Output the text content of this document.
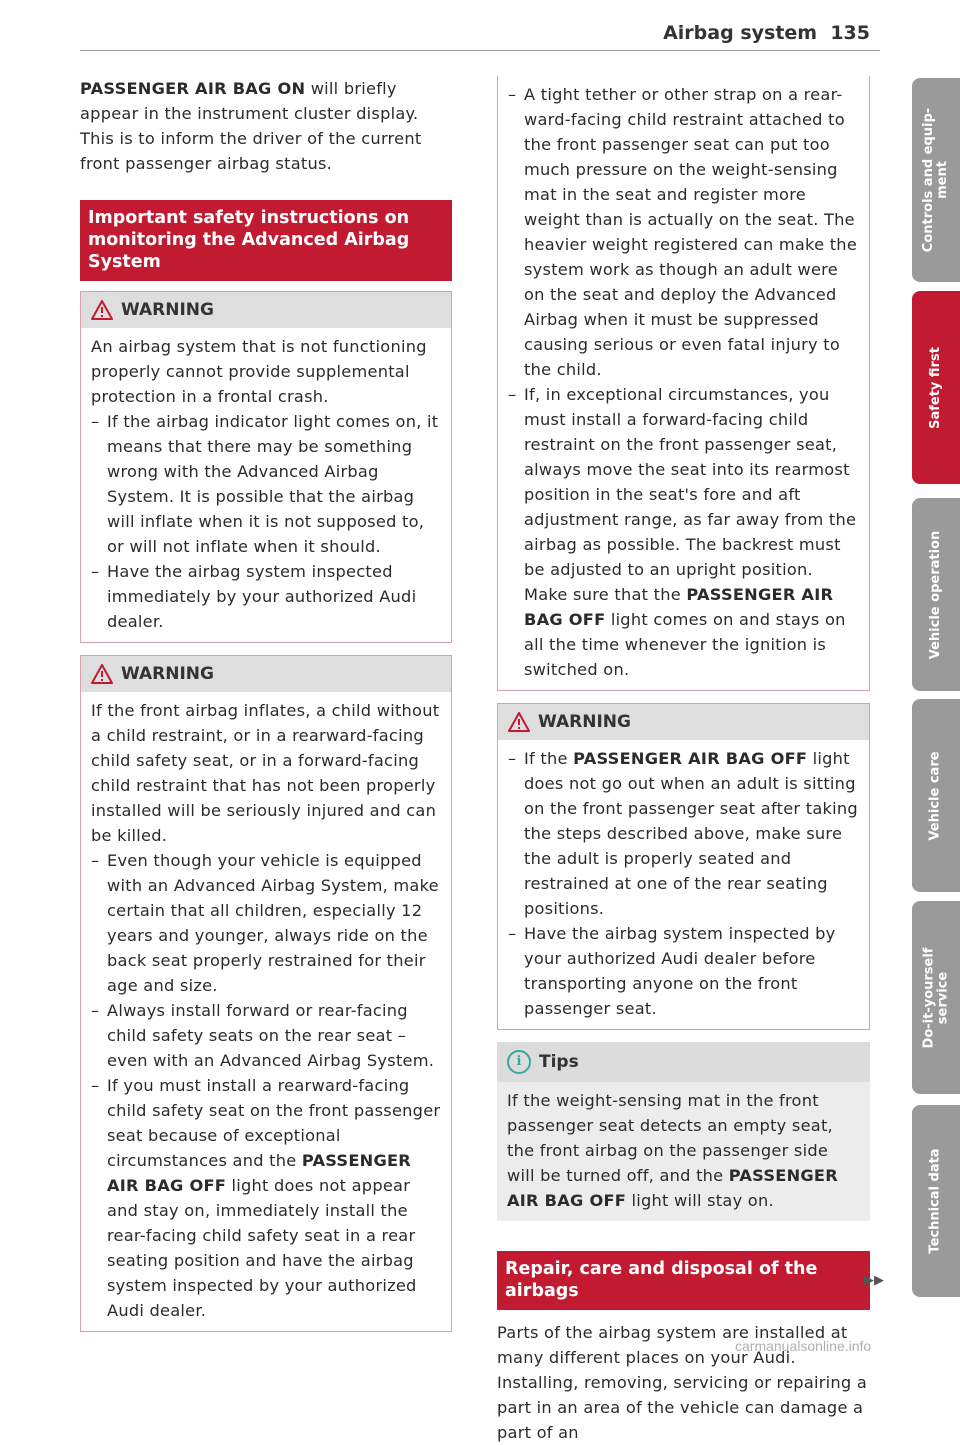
Airbag system 135

PASSENGER AIR BAG ON will briefly appear in the instrument cluster display. This is to inform the driver of the current front passenger airbag status.

Important safety instructions on monitoring the Advanced Airbag System
WARNING

An airbag system that is not functioning properly cannot provide supplemental protection in a frontal crash.

– If the airbag indicator light comes on, it means that there may be something wrong with the Advanced Airbag System. It is possible that the airbag will inflate when it is not supposed to, or will not inflate when it should.
– Have the airbag system inspected immediately by your authorized Audi dealer.
WARNING

If the front airbag inflates, a child without a child restraint, or in a rearward-facing child safety seat, or in a forward-facing child restraint that has not been properly installed will be seriously injured and can be killed.

– Even though your vehicle is equipped with an Advanced Airbag System, make certain that all children, especially 12 years and younger, always ride on the back seat properly restrained for their age and size.
– Always install forward or rear-facing child safety seats on the rear seat – even with an Advanced Airbag System.
– If you must install a rearward-facing child safety seat on the front passenger seat because of exceptional circumstances and the PASSENGER AIR BAG OFF light does not appear and stay on, immediately install the rear-facing child safety seat in a rear seating position and have the airbag system inspected by your authorized Audi dealer.
– A tight tether or other strap on a rear-ward-facing child restraint attached to the front passenger seat can put too much pressure on the weight-sensing mat in the seat and register more weight than is actually on the seat. The heavier weight registered can make the system work as though an adult were on the seat and deploy the Advanced Airbag when it must be suppressed causing serious or even fatal injury to the child.
– If, in exceptional circumstances, you must install a forward-facing child restraint on the front passenger seat, always move the seat into its rearmost position in the seat's fore and aft adjustment range, as far away from the airbag as possible. The backrest must be adjusted to an upright position. Make sure that the PASSENGER AIR BAG OFF light comes on and stays on all the time whenever the ignition is switched on.
WARNING
– If the PASSENGER AIR BAG OFF light does not go out when an adult is sitting on the front passenger seat after taking the steps described above, make sure the adult is properly seated and restrained at one of the rear seating positions.
– Have the airbag system inspected by your authorized Audi dealer before transporting anyone on the front passenger seat.
i	Tips

If the weight-sensing mat in the front passenger seat detects an empty seat, the front airbag on the passenger side will be turned off, and the PASSENGER AIR BAG OFF light will stay on.

Repair, care and disposal of the airbags

Parts of the airbag system are installed at many different places on your Audi. Installing, removing, servicing or repairing a part in an area of the vehicle can damage a part of an

▶▶
Controls and equip-
ment
Safety first
Vehicle operation
Vehicle care
Do-it-yourself
service
Technical data
carmanualsonline.info
